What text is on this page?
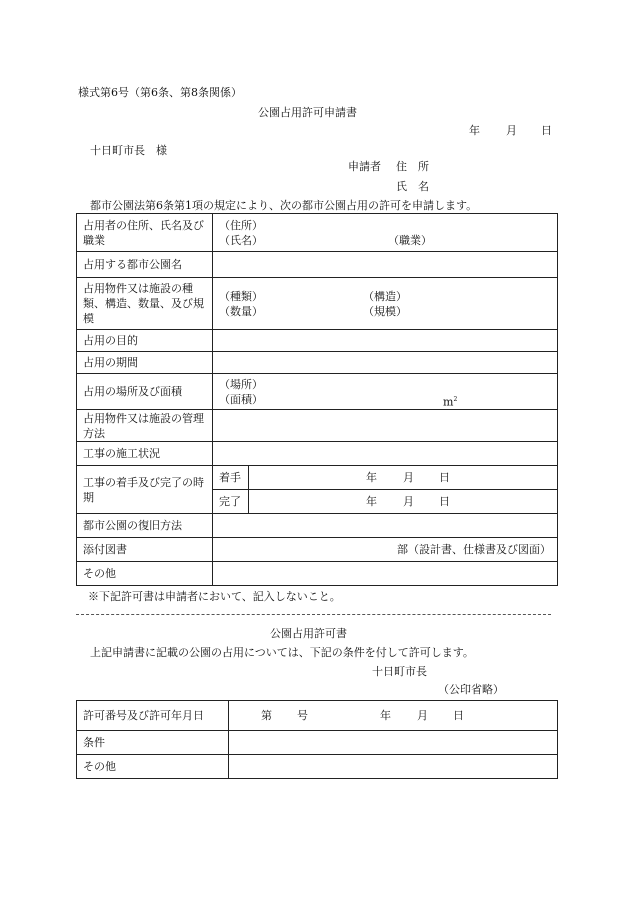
様式第6号（第6条、第8条関係）
公園占用許可申請書
年 月 日
十日町市長　様
申請者 住　所
氏　名
都市公園法第6条第1項の規定により、次の都市公園占用の許可を申請します。
占用者の住所、氏名及び職業	（住所）
（氏名） （職業）	

占用する都市公園名		
占用物件又は施設の種類、構造、数量、及び規模	（種類） （構造）
（数量） （規模）	

占用の目的		
占用の期間		
占用の場所及び面積	（場所）
（面積） $m^2$

占用物件又は施設の管理方法		
工事の施工状況		
工事の着手及び完了の時期	着手	年 月 日

	完了	年 月 日

都市公園の復旧方法		
添付図書	部（設計書、仕様書及び図面）	
その他		
※下記許可書は申請者において、記入しないこと。
公園占用許可書
上記申請書に記載の公園の占用については、下記の条件を付して許可します。
十日町市長
（公印省略）
許可番号及び許可年月日	第 号 年 月 日

条件	
その他	
